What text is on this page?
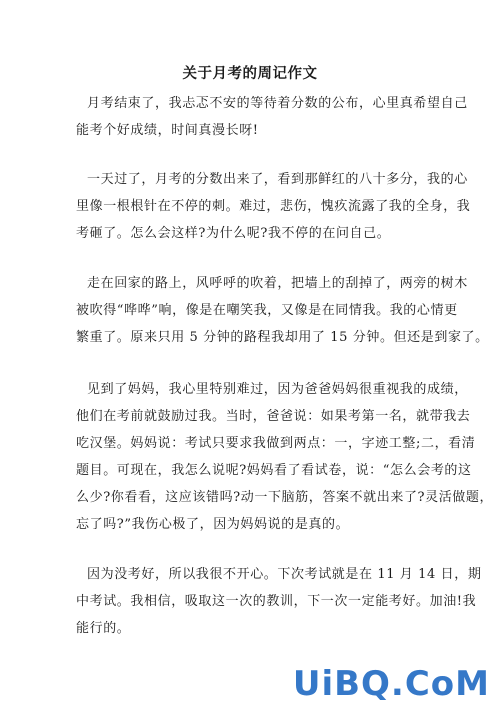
关于月考的周记作文
月考结束了，我忐忑不安的等待着分数的公布，心里真希望自己
能考个好成绩，时间真漫长呀!
一天过了，月考的分数出来了，看到那鲜红的八十多分，我的心
里像一根根针在不停的刺。难过，悲伤，愧疚流露了我的全身，我
考砸了。怎么会这样?为什么呢?我不停的在问自己。
走在回家的路上，风呼呼的吹着，把墙上的刮掉了，两旁的树木
被吹得“哗哗”响，像是在嘲笑我，又像是在同情我。我的心情更
繁重了。原来只用 5 分钟的路程我却用了 15 分钟。但还是到家了。
见到了妈妈，我心里特别难过，因为爸爸妈妈很重视我的成绩，
他们在考前就鼓励过我。当时，爸爸说：如果考第一名，就带我去
吃汉堡。妈妈说：考试只要求我做到两点：一，字迹工整;二，看清
题目。可现在，我怎么说呢?妈妈看了看试卷，说：“怎么会考的这
么少?你看看，这应该错吗?动一下脑筋，答案不就出来了?灵活做题，
忘了吗?”我伤心极了，因为妈妈说的是真的。
因为没考好，所以我很不开心。下次考试就是在 11 月 14 日，期
中考试。我相信，吸取这一次的教训，下一次一定能考好。加油!我
能行的。
UiBQ.CoM
